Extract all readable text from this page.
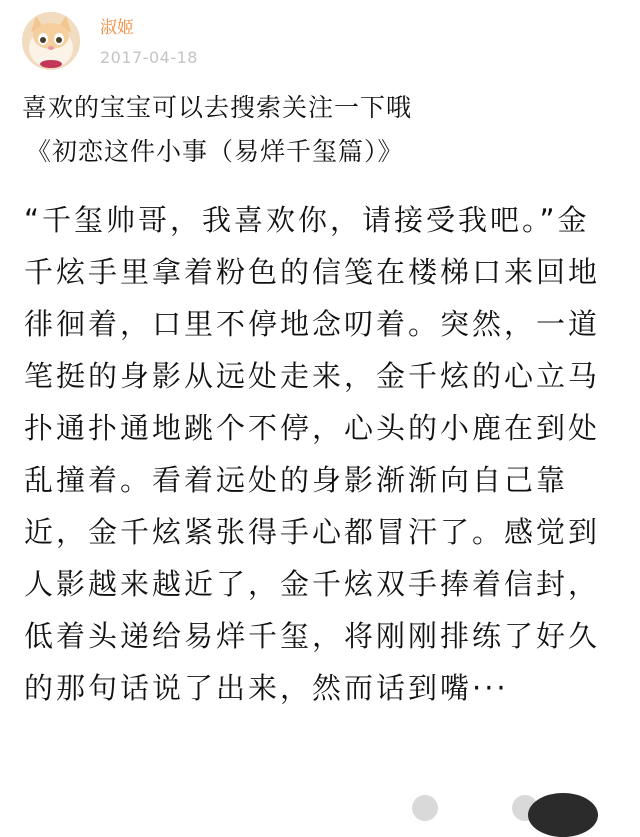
淑姬
2017-04-18
喜欢的宝宝可以去搜索关注一下哦
《初恋这件小事（易烊千玺篇）》
“千玺帅哥，我喜欢你，请接受我吧。”金千炫手里拿着粉色的信笺在楼梯口来回地徘徊着，口里不停地念叨着。突然，一道笔挺的身影从远处走来，金千炫的心立马扑通扑通地跳个不停，心头的小鹿在到处乱撞着。看着远处的身影渐渐向自己靠近，金千炫紧张得手心都冒汗了。感觉到人影越来越近了，金千炫双手捧着信封，低着头递给易烊千玺，将刚刚排练了好久的那句话说了出来，然而话到嘴···
